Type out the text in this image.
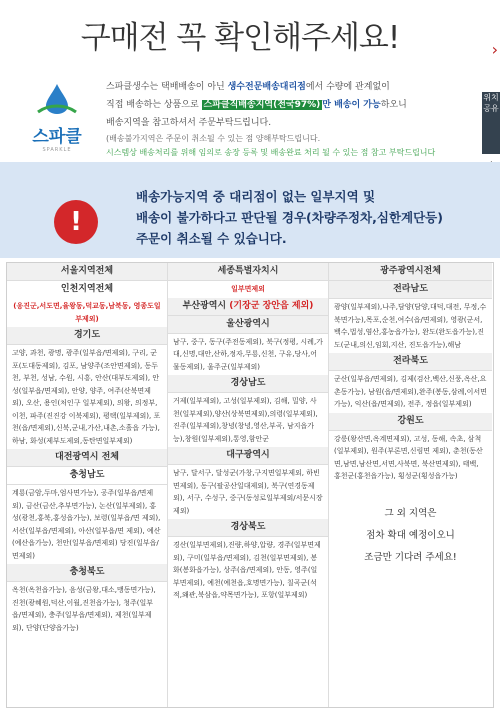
구매전 꼭 확인해주세요!	›
위치 공유
스파클
SPARKLE
스파클생수는 택배배송이 아닌 생수전문배송대리점에서 수량에 관계없이
직접 배송하는 상품으로 스파클직배송지역(전국97%) 만 배송이 가능하오니
배송지역을 참고하셔서 주문부탁드립니다.
(배송불가지역은 주문이 취소될 수 있는 점 양해부탁드립니다.
시스템상 배송처리를 위해 임의로 송장 등록 및 배송완료 처리 될 수 있는 점 참고 부탁드립니다
!
배송가능지역 중 대리점이 없는 일부지역 및
배송이 불가하다고 판단될 경우(차량주정차,심한계단등)
주문이 취소될 수 있습니다.
서울지역전체
인천지역전체
(옹진군,서도면,율왕동,덕교동,남북동, 영종도일부제외)
경기도
고양, 과천, 광명, 광주(일부읍/면제외), 구리, 군포(도대동제외), 김포, 남양주(조안면제외), 동두천, 부천, 성남, 수원, 시흥, 안산(대부도제외), 안성(일부읍/면제외), 안양, 양주, 여주(산북면제외), 오산, 용인(처인구 일부제외), 의왕, 의정부, 이천, 파주(진진강 이북제외), 평택(일부제외), 포천(읍/면제외),신북,군내,가산,내촌,소흘읍 가능), 하남, 화성(제부도제외,동탄면일부제외)
대전광역시 전체
충청남도
계룡(금암,두마,엄사면가능), 공주(일부읍/면제외), 금산(금산,추부면가능), 논산(일부제외), 홍성(광천,홍북,홍성읍가능), 보령(일부읍/면 제외), 서산(일부읍/면제외), 아산(일부읍/면 제외), 예산(예산읍가능), 천안(일부읍/면제외) 당진(일부읍/면제외)
충청북도
옥천(옥천읍가능), 음성(금왕,대소,맹동면가능), 진천(광혜원,덕산,이월,진천읍가능), 청주(일부읍/면제외), 충주(일부읍/면제외), 제천(일부제외), 단양(단양읍가능)
세종특별자치시
일부면제외
부산광역시 (기장군 장안읍 제외)
울산광역시
남구, 중구, 동구(주전동제외), 북구(정평, 시례,가대,신명,대안,산하,정자,무룡,신천, 구유,당사,어물동제외), 울주군(일부제외)
경상남도
거제(일부제외), 고성(일부제외), 김해, 밀양, 사천(일부제외),양산(상북면제외),의령(일부제외),진주(일부제외),창녕(창녕,영산,부곡, 남지읍가능),창원(일부제외),통영,함안군
대구광역시
남구, 달서구, 달성군(가창,구지면일부제외, 하빈면제외), 동구(팔공산일대제외), 북구(연경동제외), 서구, 수성구, 중구(동성로일부제외/서문시장제외)
경상북도
경산(일부면제외),진량,하양,압량, 경주(일부면제외), 구미(일부읍/면제외), 김천(일부면제외), 봉화(봉화읍가능), 상주(읍/면제외), 안동, 영주(일부면제외), 예천(예천읍,호명면가능), 칠곡군(석적,왜관,북삼읍,약목면가능), 포항(일부제외)
광주광역시전체
전라남도
광양(일부제외),나주,담양(담양,대덕,대전, 무정,수북면가능),목포,순천,여수(읍/면제외), 영광(군서,백수,법성,염산,홍농읍가능), 완도(완도읍가능),진도(군내,의신,임회,지산, 진도읍가능),해남
전라북도
군산(일부읍/면제외), 김제(검산,백산,신풍,옥산,요촌동가능), 남원(읍/면제외),완주(봉동,삼례,이서면가능), 익산(읍/면제외), 전주, 정읍(일부제외)
강원도
강릉(왕산면,옥계면제외), 고성, 동해, 속초, 삼척(일부제외), 원주(부론면,신림면 제외), 춘천(동산면,남면,남산면,서면,사북면, 북산면제외), 태백, 홍천군(홍천읍가능), 횡성군(횡성읍가능)
그 외 지역은
점차 확대 예정이오니
조금만 기다려 주세요!
